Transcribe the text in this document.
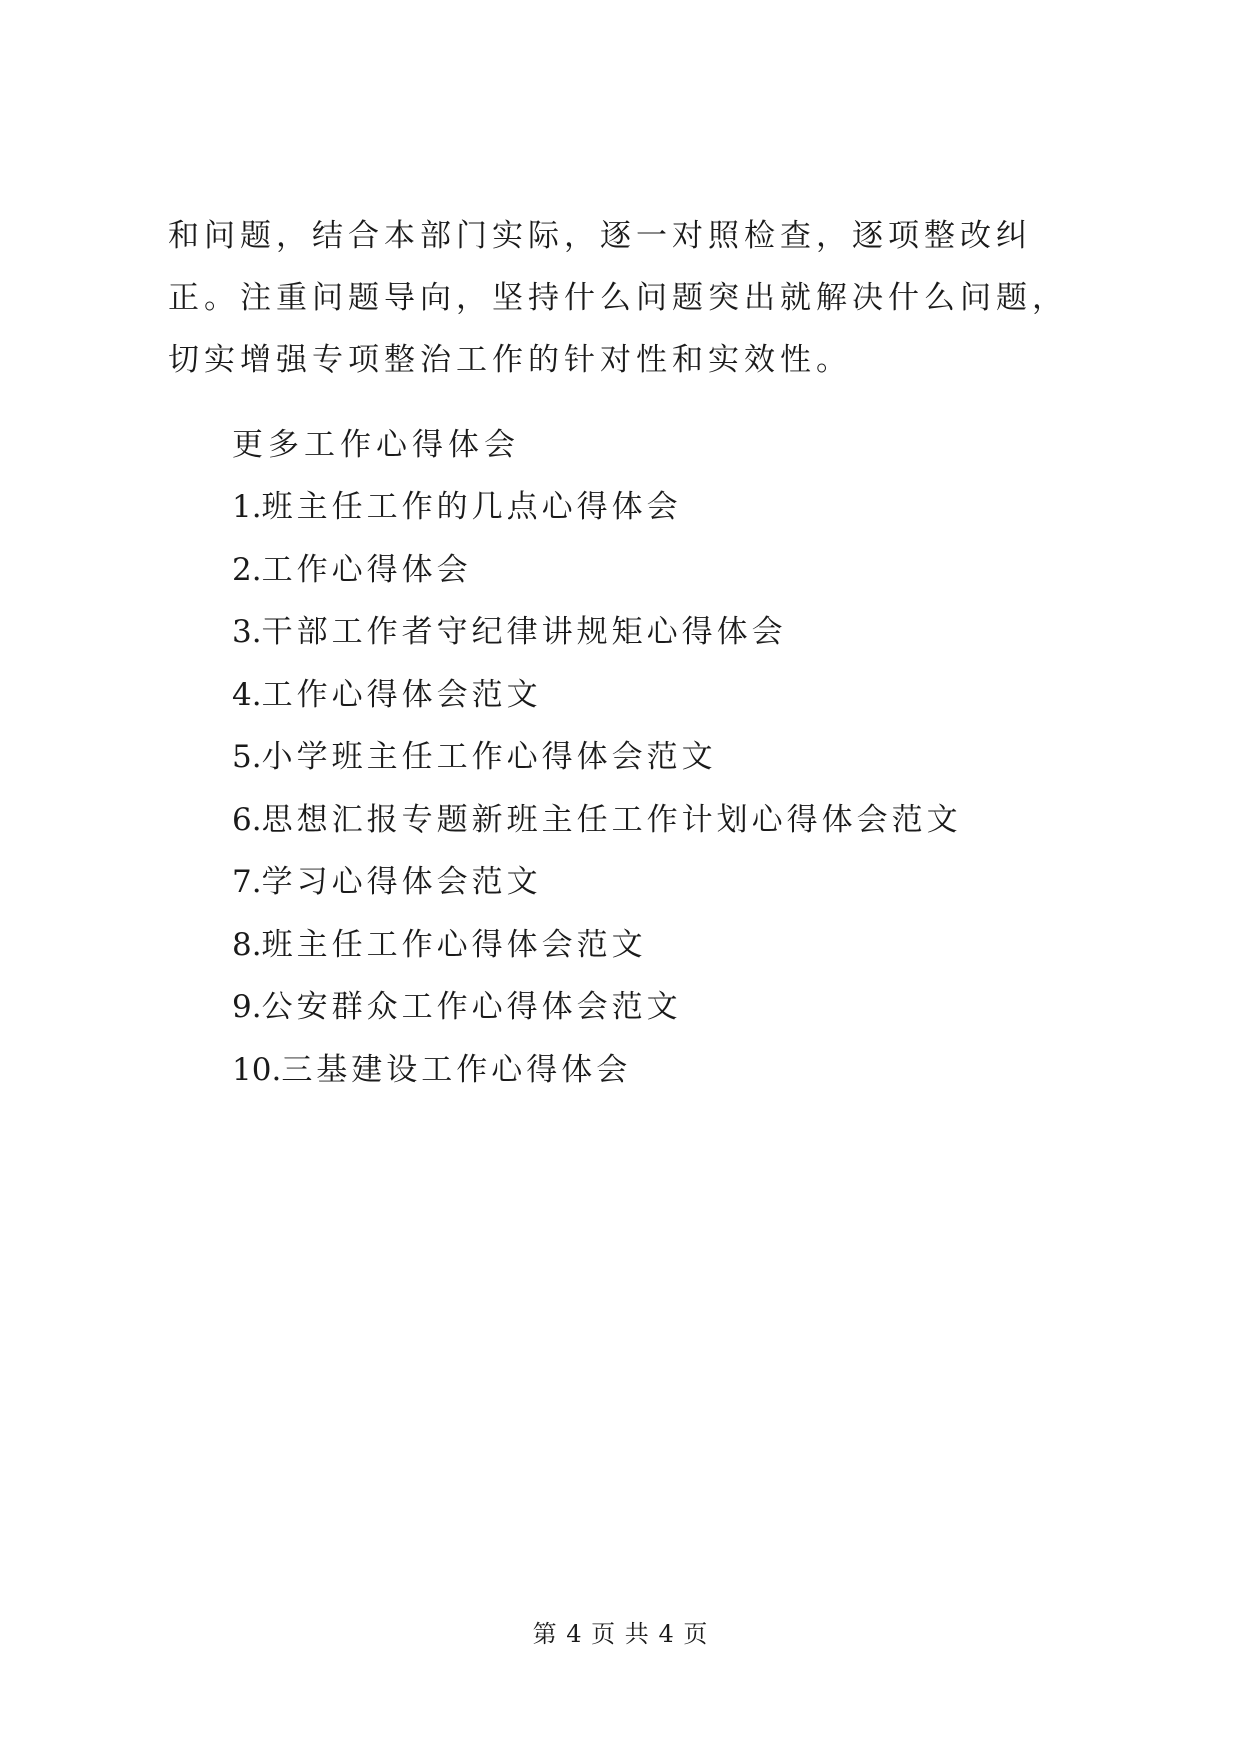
和问题，结合本部门实际，逐一对照检查，逐项整改纠正。注重问题导向，坚持什么问题突出就解决什么问题，切实增强专项整治工作的针对性和实效性。

更多工作心得体会

1.班主任工作的几点心得体会
2.工作心得体会
3.干部工作者守纪律讲规矩心得体会
4.工作心得体会范文
5.小学班主任工作心得体会范文
6.思想汇报专题新班主任工作计划心得体会范文
7.学习心得体会范文
8.班主任工作心得体会范文
9.公安群众工作心得体会范文
10.三基建设工作心得体会
第 4 页 共 4 页
